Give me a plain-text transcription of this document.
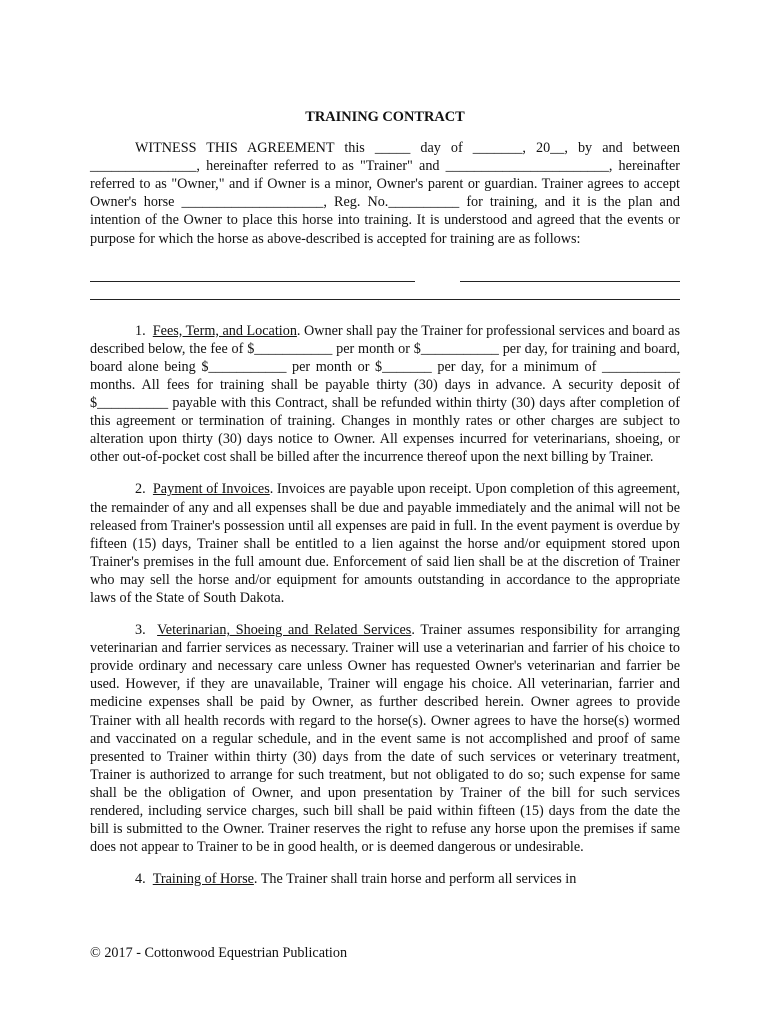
TRAINING CONTRACT

WITNESS THIS AGREEMENT this _____ day of _______, 20__, by and between _______________, hereinafter referred to as "Trainer" and _______________________, hereinafter referred to as "Owner," and if Owner is a minor, Owner's parent or guardian. Trainer agrees to accept Owner's horse ____________________, Reg. No.__________ for training, and it is the plan and intention of the Owner to place this horse into training. It is understood and agreed that the events or purpose for which the horse as above-described is accepted for training are as follows:

1. Fees, Term, and Location. Owner shall pay the Trainer for professional services and board as described below, the fee of $___________ per month or $___________ per day, for training and board, board alone being $___________ per month or $_______ per day, for a minimum of ___________ months. All fees for training shall be payable thirty (30) days in advance. A security deposit of $__________ payable with this Contract, shall be refunded within thirty (30) days after completion of this agreement or termination of training. Changes in monthly rates or other charges are subject to alteration upon thirty (30) days notice to Owner. All expenses incurred for veterinarians, shoeing, or other out-of-pocket cost shall be billed after the incurrence thereof upon the next billing by Trainer.

2. Payment of Invoices. Invoices are payable upon receipt. Upon completion of this agreement, the remainder of any and all expenses shall be due and payable immediately and the animal will not be released from Trainer's possession until all expenses are paid in full. In the event payment is overdue by fifteen (15) days, Trainer shall be entitled to a lien against the horse and/or equipment stored upon Trainer's premises in the full amount due. Enforcement of said lien shall be at the discretion of Trainer who may sell the horse and/or equipment for amounts outstanding in accordance to the appropriate laws of the State of South Dakota.

3. Veterinarian, Shoeing and Related Services. Trainer assumes responsibility for arranging veterinarian and farrier services as necessary. Trainer will use a veterinarian and farrier of his choice to provide ordinary and necessary care unless Owner has requested Owner's veterinarian and farrier be used. However, if they are unavailable, Trainer will engage his choice. All veterinarian, farrier and medicine expenses shall be paid by Owner, as further described herein. Owner agrees to provide Trainer with all health records with regard to the horse(s). Owner agrees to have the horse(s) wormed and vaccinated on a regular schedule, and in the event same is not accomplished and proof of same presented to Trainer within thirty (30) days from the date of such services or veterinary treatment, Trainer is authorized to arrange for such treatment, but not obligated to do so; such expense for same shall be the obligation of Owner, and upon presentation by Trainer of the bill for such services rendered, including service charges, such bill shall be paid within fifteen (15) days from the date the bill is submitted to the Owner. Trainer reserves the right to refuse any horse upon the premises if same does not appear to Trainer to be in good health, or is deemed dangerous or undesirable.

4. Training of Horse. The Trainer shall train horse and perform all services in

© 2017 - Cottonwood Equestrian Publication
